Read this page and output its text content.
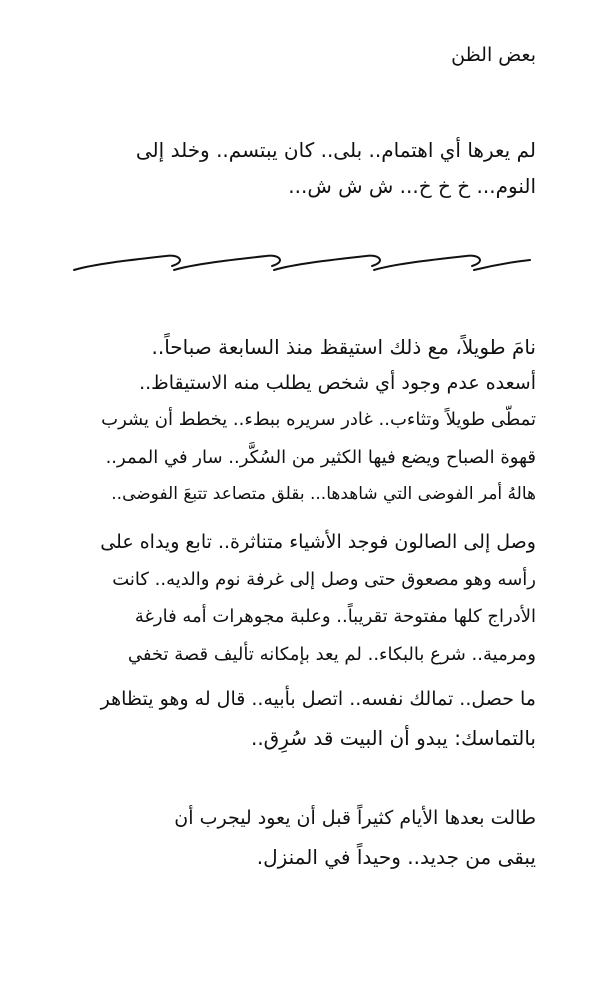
بعض الظن
لم يعرها أي اهتمام.. بلى.. كان يبتسم.. وخلد إلى
النوم... خ خ خ... ش ش ش...
نامَ طويلاً، مع ذلك استيقظ منذ السابعة صباحاً..
أسعده عدم وجود أي شخص يطلب منه الاستيقاظ..
تمطّى طويلاً وتثاءب.. غادر سريره ببطء.. يخطط أن يشرب
قهوة الصباح ويضع فيها الكثير من السُكَّر.. سار في الممر..
هالهُ أمر الفوضى التي شاهدها... بقلق متصاعد تتبعَ الفوضى..
وصل إلى الصالون فوجد الأشياء متناثرة.. تابع ويداه على
رأسه وهو مصعوق حتى وصل إلى غرفة نوم والديه.. كانت
الأدراج كلها مفتوحة تقريباً.. وعلبة مجوهرات أمه فارغة
ومرمية.. شرع بالبكاء.. لم يعد بإمكانه تأليف قصة تخفي
ما حصل.. تمالك نفسه.. اتصل بأبيه.. قال له وهو يتظاهر
بالتماسك: يبدو أن البيت قد سُرِق..
طالت بعدها الأيام كثيراً قبل أن يعود ليجرب أن
يبقى من جديد.. وحيداً في المنزل.
